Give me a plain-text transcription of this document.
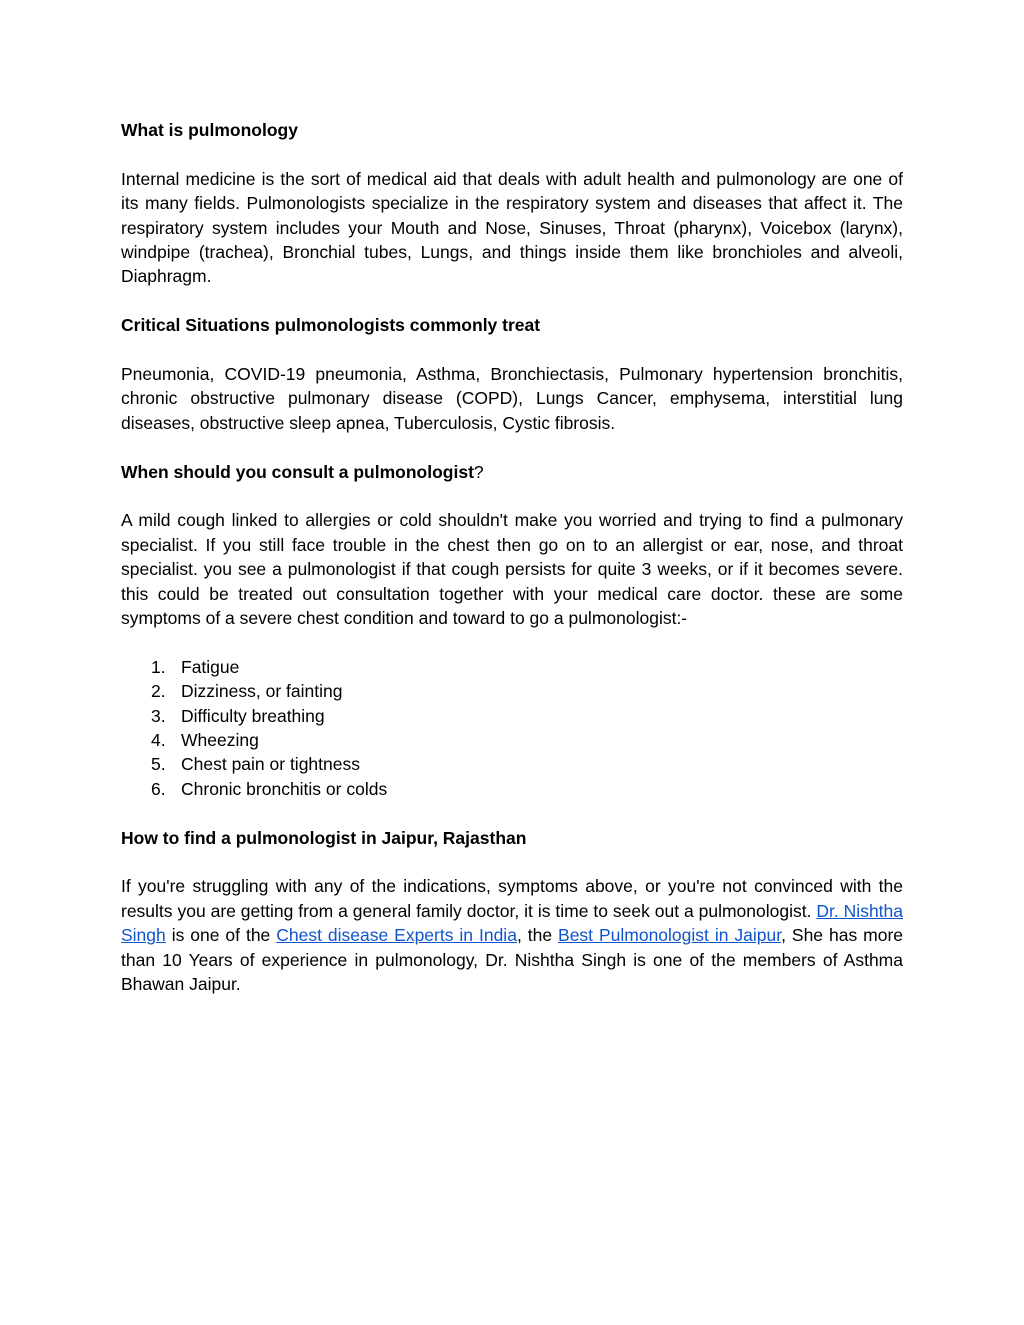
What is pulmonology

Internal medicine is the sort of medical aid that deals with adult health and pulmonology are one of its many fields. Pulmonologists specialize in the respiratory system and diseases that affect it. The respiratory system includes your Mouth and Nose, Sinuses, Throat (pharynx), Voicebox (larynx), windpipe (trachea), Bronchial tubes, Lungs, and things inside them like bronchioles and alveoli, Diaphragm.

Critical Situations pulmonologists commonly treat

Pneumonia, COVID-19 pneumonia, Asthma, Bronchiectasis, Pulmonary hypertension bronchitis, chronic obstructive pulmonary disease (COPD), Lungs Cancer, emphysema, interstitial lung diseases, obstructive sleep apnea, Tuberculosis, Cystic fibrosis.

When should you consult a pulmonologist?

A mild cough linked to allergies or cold shouldn't make you worried and trying to find a pulmonary specialist. If you still face trouble in the chest then go on to an allergist or ear, nose, and throat specialist. you see a pulmonologist if that cough persists for quite 3 weeks, or if it becomes severe. this could be treated out consultation together with your medical care doctor. these are some symptoms of a severe chest condition and toward to go a pulmonologist:-

1. Fatigue
2. Dizziness, or fainting
3. Difficulty breathing
4. Wheezing
5. Chest pain or tightness
6. Chronic bronchitis or colds
How to find a pulmonologist in Jaipur, Rajasthan

If you're struggling with any of the indications, symptoms above, or you're not convinced with the results you are getting from a general family doctor, it is time to seek out a pulmonologist. Dr. Nishtha Singh is one of the Chest disease Experts in India, the Best Pulmonologist in Jaipur, She has more than 10 Years of experience in pulmonology, Dr. Nishtha Singh is one of the members of Asthma Bhawan Jaipur.
